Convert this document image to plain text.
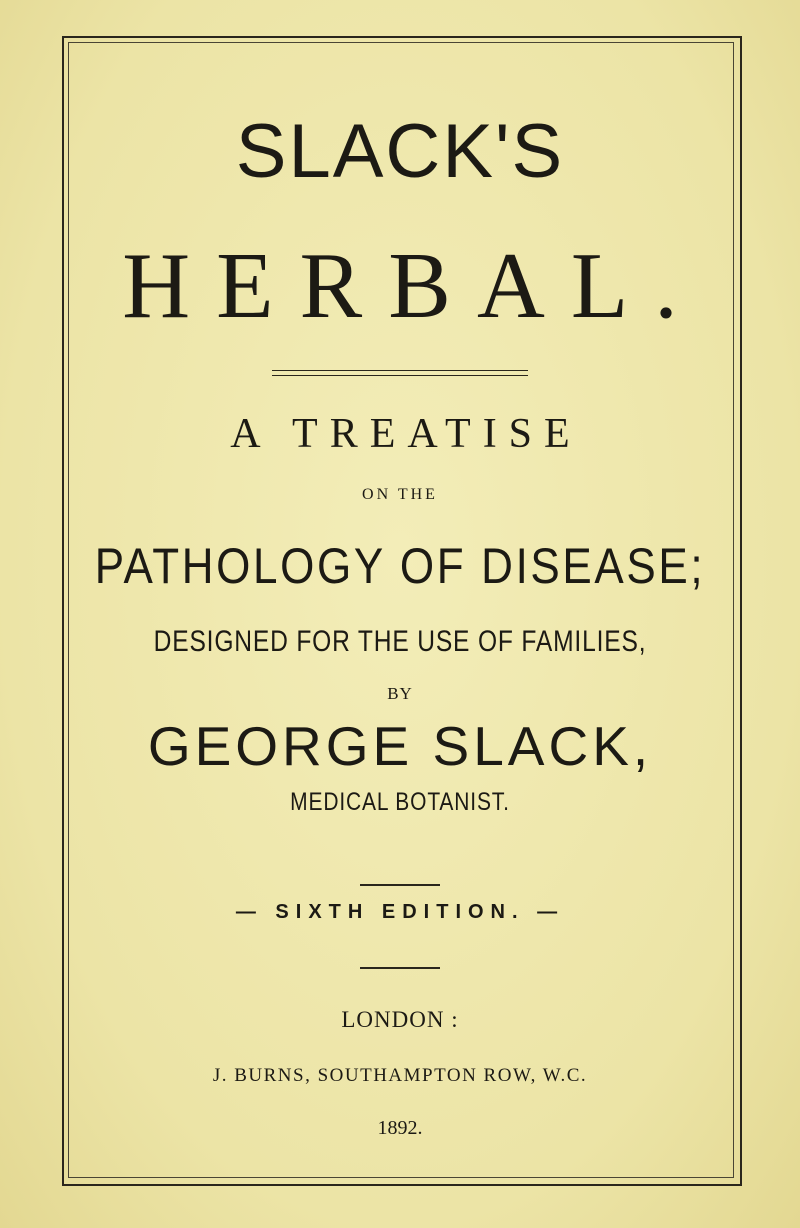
SLACK'S
HERBAL.
A TREATISE
ON THE
PATHOLOGY OF DISEASE;
DESIGNED FOR THE USE OF FAMILIES,
BY
GEORGE SLACK,
MEDICAL BOTANIST.
— SIXTH EDITION. —
LONDON :
J. BURNS, SOUTHAMPTON ROW, W.C.
1892.
